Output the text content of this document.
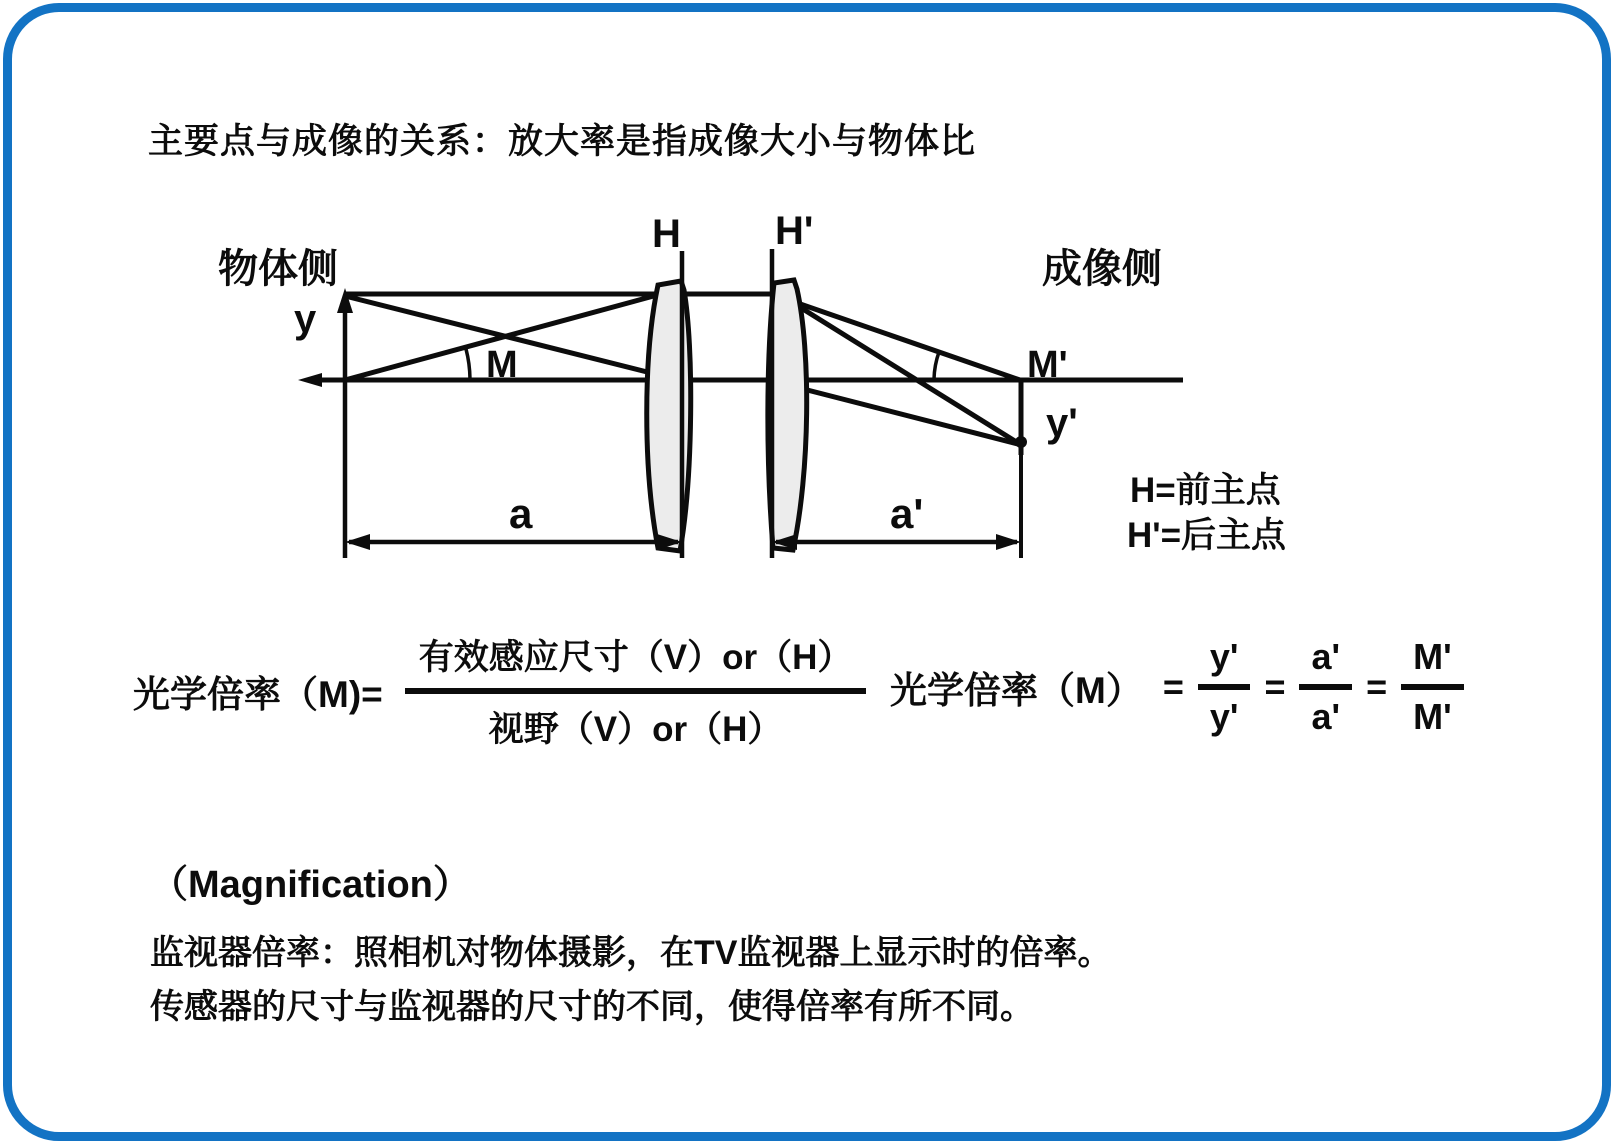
主要点与成像的关系：放大率是指成像大小与物体比
物体侧	成像侧
y
y'
H H'
M	M'
a	a'	H=前主点
H'=后主点
光学倍率$(M)= \frac{\text{有效感应尺寸（V）or（H）}}{\text{视野（V）or（H）}}$ 光学倍率$(M) = \frac{y'}{y'} = \frac{a'}{a'} = \frac{M'}{M'}$
（Magnification）
监视器倍率：照相机对物体摄影，在TV监视器上显示时的倍率。
传感器的尺寸与监视器的尺寸的不同，使得倍率有所不同。
